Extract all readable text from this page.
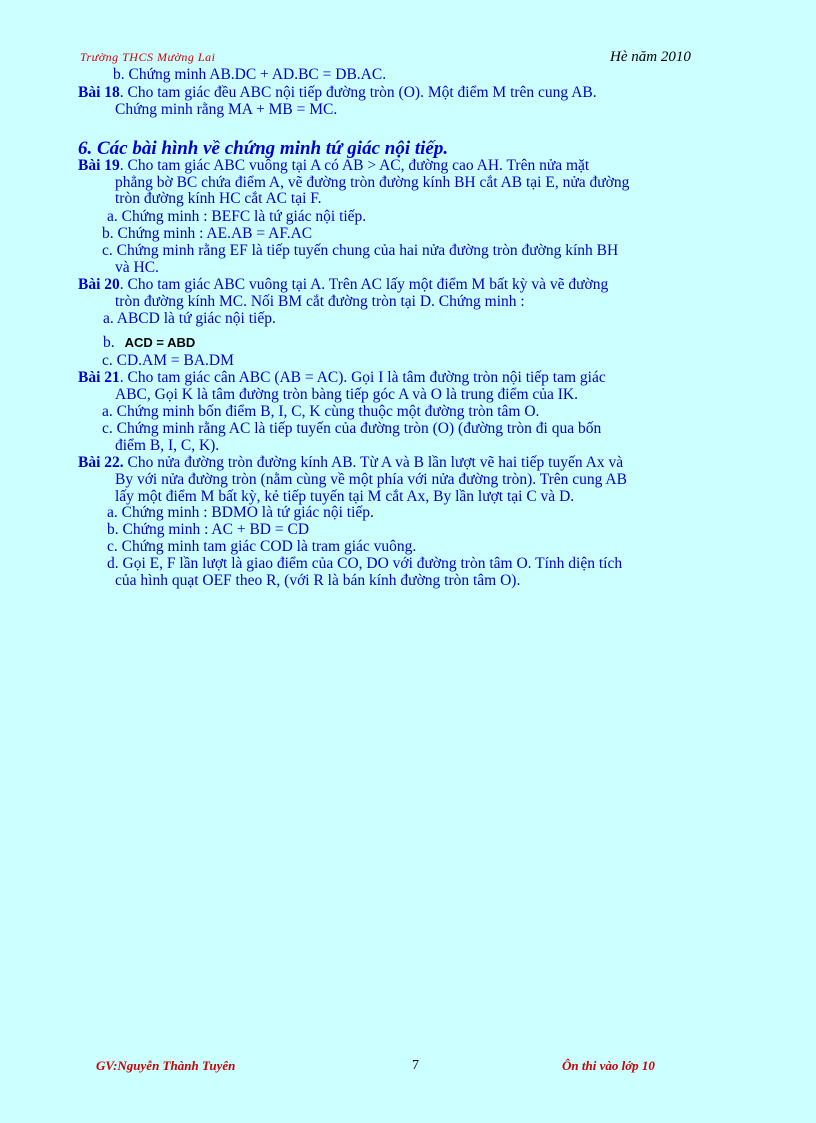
Trường THCS Mường Lai	Hè năm 2010
6. Các bài hình về chứng minh tứ giác nội tiếp.
b. Chứng minh AB.DC + AD.BC = DB.AC.
Bài 18. Cho tam giác đều ABC nội tiếp đường tròn (O). Một điểm M trên cung AB.
Chứng minh rằng MA + MB = MC.
Bài 19. Cho tam giác ABC vuông tại A có AB > AC, đường cao AH. Trên nửa mặt
phẳng bờ BC chứa điểm A, vẽ đường tròn đường kính BH cắt AB tại E, nửa đường
tròn đường kính HC cắt AC tại F.
a. Chứng minh : BEFC là tứ giác nội tiếp.
b. Chứng minh : AE.AB = AF.AC
c. Chứng minh rằng EF là tiếp tuyến chung của hai nửa đường tròn đường kính BH
và HC.
Bài 20. Cho tam giác ABC vuông tại A. Trên AC lấy một điểm M bất kỳ và vẽ đường
tròn đường kính MC. Nối BM cắt đường tròn tại D. Chứng minh :
a. ABCD là tứ giác nội tiếp.
b. ACD = ABD
c. CD.AM = BA.DM
Bài 21. Cho tam giác cân ABC (AB = AC). Gọi I là tâm đường tròn nội tiếp tam giác
ABC, Gọi K là tâm đường tròn bàng tiếp góc A và O là trung điểm của IK.
a. Chứng minh bốn điểm B, I, C, K cùng thuộc một đường tròn tâm O.
c. Chứng minh rằng AC là tiếp tuyến của đường tròn (O) (đường tròn đi qua bốn
điểm B, I, C, K).
Bài 22. Cho nửa đường tròn đường kính AB. Từ A và B lần lượt vẽ hai tiếp tuyến Ax và
By với nửa đường tròn (nằm cùng về một phía với nửa đường tròn). Trên cung AB
lấy một điểm M bất kỳ, kẻ tiếp tuyến tại M cắt Ax, By lần lượt tại C và D.
a. Chứng minh : BDMO là tứ giác nội tiếp.
b. Chứng minh : AC + BD = CD
c. Chứng minh tam giác COD là tram giác vuông.
d. Gọi E, F lần lượt là giao điểm của CO, DO với đường tròn tâm O. Tính diện tích
của hình quạt OEF theo R, (với R là bán kính đường tròn tâm O).
GV:Nguyễn Thành Tuyên	7	Ôn thi vào lớp 10
